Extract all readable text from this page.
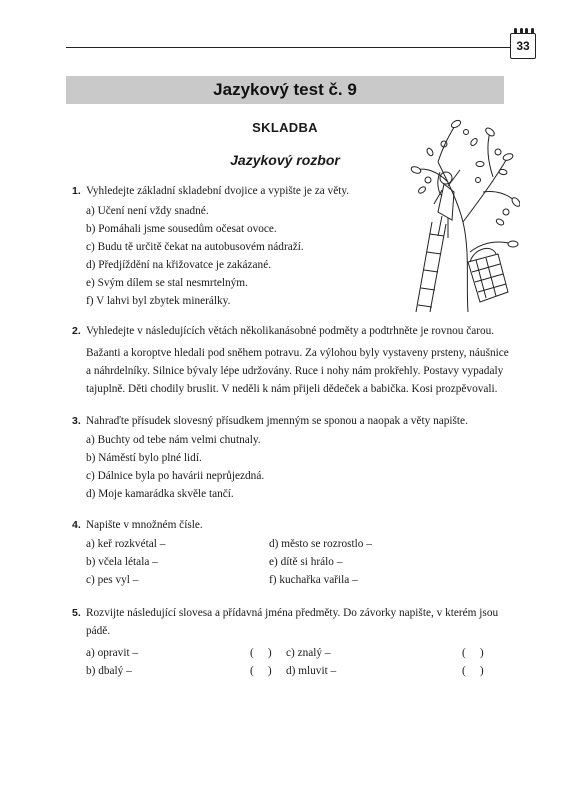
33
Jazykový test č. 9
SKLADBA
Jazykový rozbor
1. Vyhledejte základní skladební dvojice a vypište je za věty.
a) Učení není vždy snadné.
b) Pomáhali jsme sousedům očesat ovoce.
c) Budu tě určitě čekat na autobusovém nádraží.
d) Předjíždění na křižovatce je zakázané.
e) Svým dílem se stal nesmrtelným.
f) V lahvi byl zbytek minerálky.
2. Vyhledejte v následujících větách několikanásobné podměty a podtrhněte je rovnou čarou.
Bažanti a koroptve hledali pod sněhem potravu. Za výlohou byly vystaveny prsteny, náušnice
a náhrdelníky. Silnice bývaly lépe udržovány. Ruce i nohy nám prokřehly. Postavy vypadaly
tajuplně. Děti chodily bruslit. V neděli k nám přijeli dědeček a babička. Kosi prozpěvovali.
3. Nahraďte přísudek slovesný přísudkem jmenným se sponou a naopak a věty napište.
a) Buchty od tebe nám velmi chutnaly.
b) Náměstí bylo plné lidí.
c) Dálnice byla po havárii neprůjezdná.
d) Moje kamarádka skvěle tančí.
4. Napište v množném čísle.
a) keř rozkvétal –
b) včela létala –
c) pes vyl –
d) město se rozrostlo –
e) dítě si hrálo –
f) kuchařka vařila –
5. Rozvijte následující slovesa a přídavná jména předměty. Do závorky napište, v kterém jsou
pádě.
a) opravit –
b) dbalý –
(     )
(     )
c) znalý –
d) mluvit –
(     )
(     )
